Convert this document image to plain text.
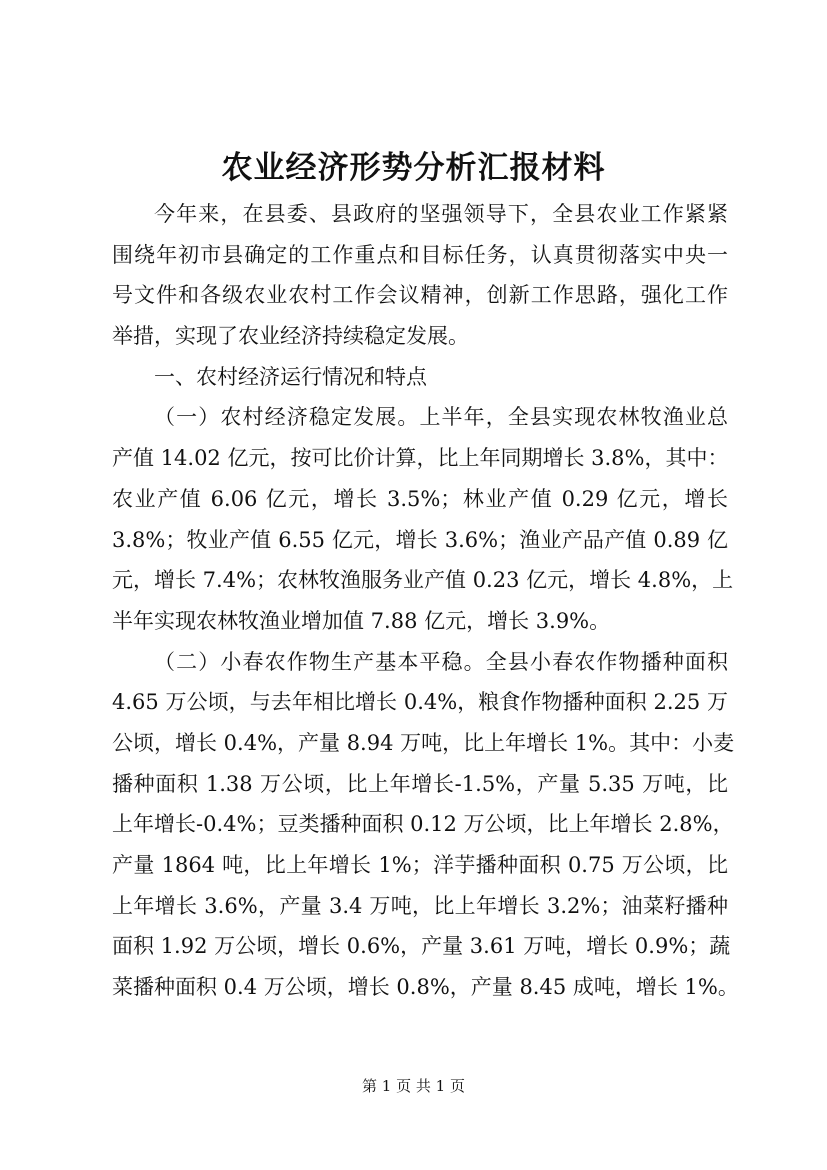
农业经济形势分析汇报材料
今年来，在县委、县政府的坚强领导下，全县农业工作紧紧
围绕年初市县确定的工作重点和目标任务，认真贯彻落实中央一
号文件和各级农业农村工作会议精神，创新工作思路，强化工作
举措，实现了农业经济持续稳定发展。
一、农村经济运行情况和特点
（一）农村经济稳定发展。上半年，全县实现农林牧渔业总
产值 14.02 亿元，按可比价计算，比上年同期增长 3.8%，其中：
农业产值 6.06 亿元，增长 3.5%；林业产值 0.29 亿元，增长
3.8%；牧业产值 6.55 亿元，增长 3.6%；渔业产品产值 0.89 亿
元，增长 7.4%；农林牧渔服务业产值 0.23 亿元，增长 4.8%，上
半年实现农林牧渔业增加值 7.88 亿元，增长 3.9%。
（二）小春农作物生产基本平稳。全县小春农作物播种面积
4.65 万公顷，与去年相比增长 0.4%，粮食作物播种面积 2.25 万
公顷，增长 0.4%，产量 8.94 万吨，比上年增长 1%。其中：小麦
播种面积 1.38 万公顷，比上年增长-1.5%，产量 5.35 万吨，比
上年增长-0.4%；豆类播种面积 0.12 万公顷，比上年增长 2.8%，
产量 1864 吨，比上年增长 1%；洋芋播种面积 0.75 万公顷，比
上年增长 3.6%，产量 3.4 万吨，比上年增长 3.2%；油菜籽播种
面积 1.92 万公顷，增长 0.6%，产量 3.61 万吨，增长 0.9%；蔬
菜播种面积 0.4 万公顷，增长 0.8%，产量 8.45 成吨，增长 1%。
第 1 页 共 1 页
